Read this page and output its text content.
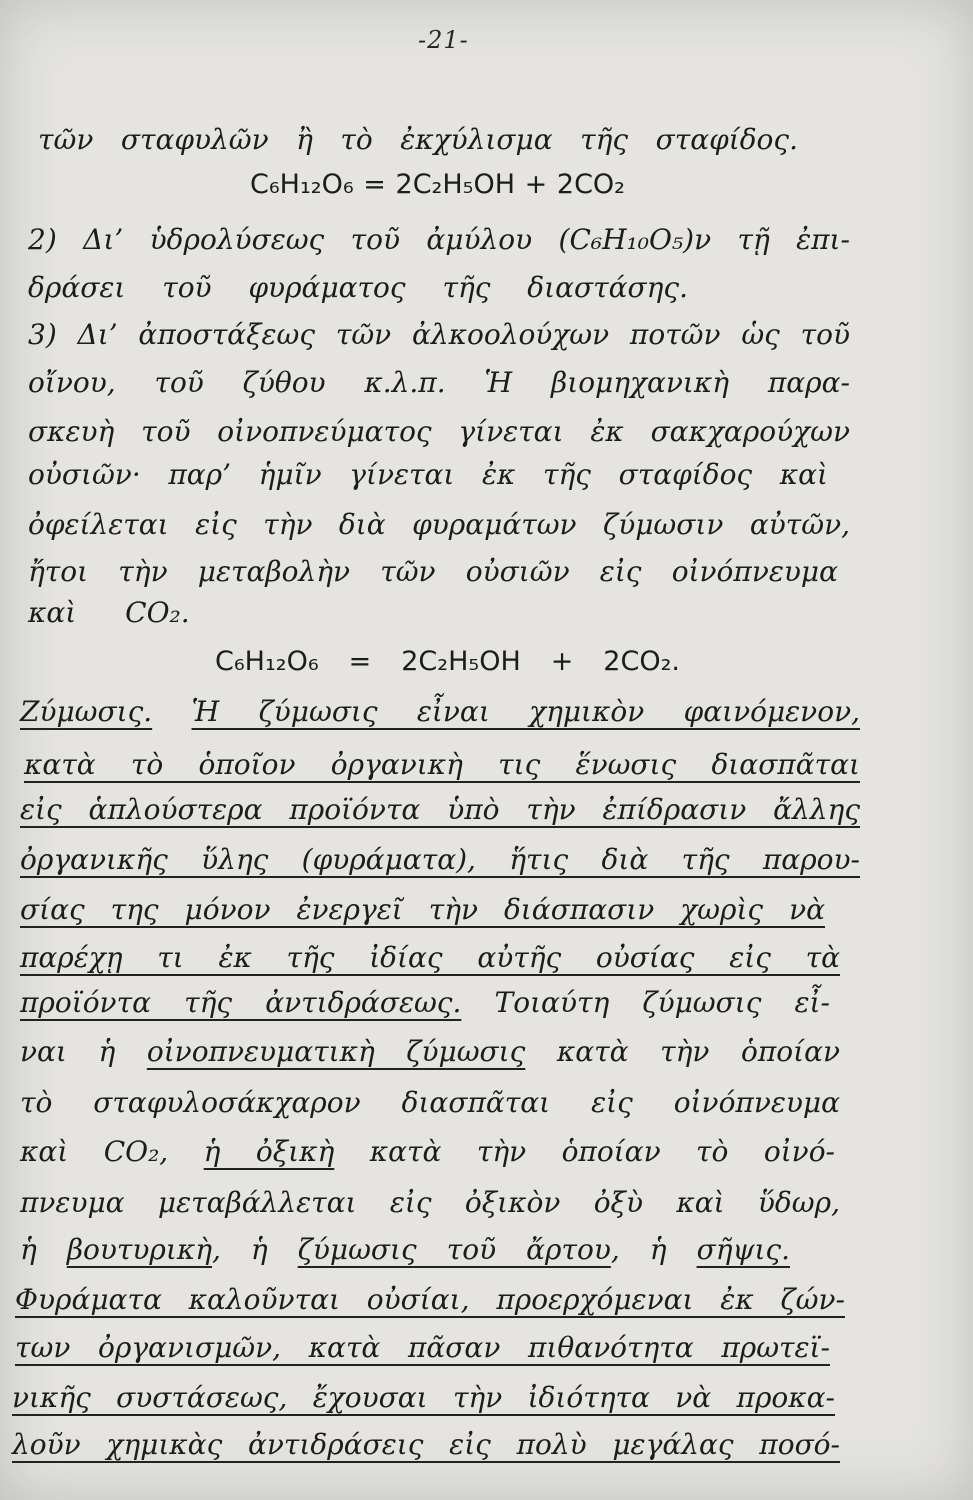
-21-
τῶν σταφυλῶν ἢ τὸ ἐκχύλισμα τῆς σταφίδος.
C₆H₁₂O₆ = 2C₂H₅OH + 2CO₂
2) Δι’ ὑδρολύσεως τοῦ ἀμύλου (C₆H₁₀O₅)ν τῇ ἐπι-
δράσει τοῦ φυράματος τῆς διαστάσης.
3) Δι’ ἀποστάξεως τῶν ἀλκοολούχων ποτῶν ὡς τοῦ
οἴνου, τοῦ ζύθου κ.λ.π. Ἡ βιομηχανικὴ παρα-
σκευὴ τοῦ οἰνοπνεύματος γίνεται ἐκ σακχαρούχων
οὐσιῶν· παρ’ ἡμῖν γίνεται ἐκ τῆς σταφίδος καὶ
ὀφείλεται εἰς τὴν διὰ φυραμάτων ζύμωσιν αὐτῶν,
ἤτοι τὴν μεταβολὴν τῶν οὐσιῶν εἰς οἰνόπνευμα
καὶ CO₂.
C₆H₁₂O₆ = 2C₂H₅OH + 2CO₂.
Ζύμωσις. Ἡ ζύμωσις εἶναι χημικὸν φαινόμενον,
κατὰ τὸ ὁποῖον ὀργανικὴ τις ἕνωσις διασπᾶται
εἰς ἁπλούστερα προϊόντα ὑπὸ τὴν ἐπίδρασιν ἄλλης
ὀργανικῆς ὕλης (φυράματα), ἥτις διὰ τῆς παρου-
σίας της μόνον ἐνεργεῖ τὴν διάσπασιν χωρὶς νὰ
παρέχῃ τι ἐκ τῆς ἰδίας αὐτῆς οὐσίας εἰς τὰ
προϊόντα τῆς ἀντιδράσεως. Τοιαύτη ζύμωσις εἶ-
ναι ἡ οἰνοπνευματικὴ ζύμωσις κατὰ τὴν ὁποίαν
τὸ σταφυλοσάκχαρον διασπᾶται εἰς οἰνόπνευμα
καὶ CO₂, ἡ ὀξικὴ κατὰ τὴν ὁποίαν τὸ οἰνό-
πνευμα μεταβάλλεται εἰς ὀξικὸν ὀξὺ καὶ ὕδωρ,
ἡ βουτυρικὴ, ἡ ζύμωσις τοῦ ἄρτου, ἡ σῆψις.
Φυράματα καλοῦνται οὐσίαι, προερχόμεναι ἐκ ζών-
των ὀργανισμῶν, κατὰ πᾶσαν πιθανότητα πρωτεϊ-
νικῆς συστάσεως, ἔχουσαι τὴν ἰδιότητα νὰ προκα-
λοῦν χημικὰς ἀντιδράσεις εἰς πολὺ μεγάλας ποσό-
